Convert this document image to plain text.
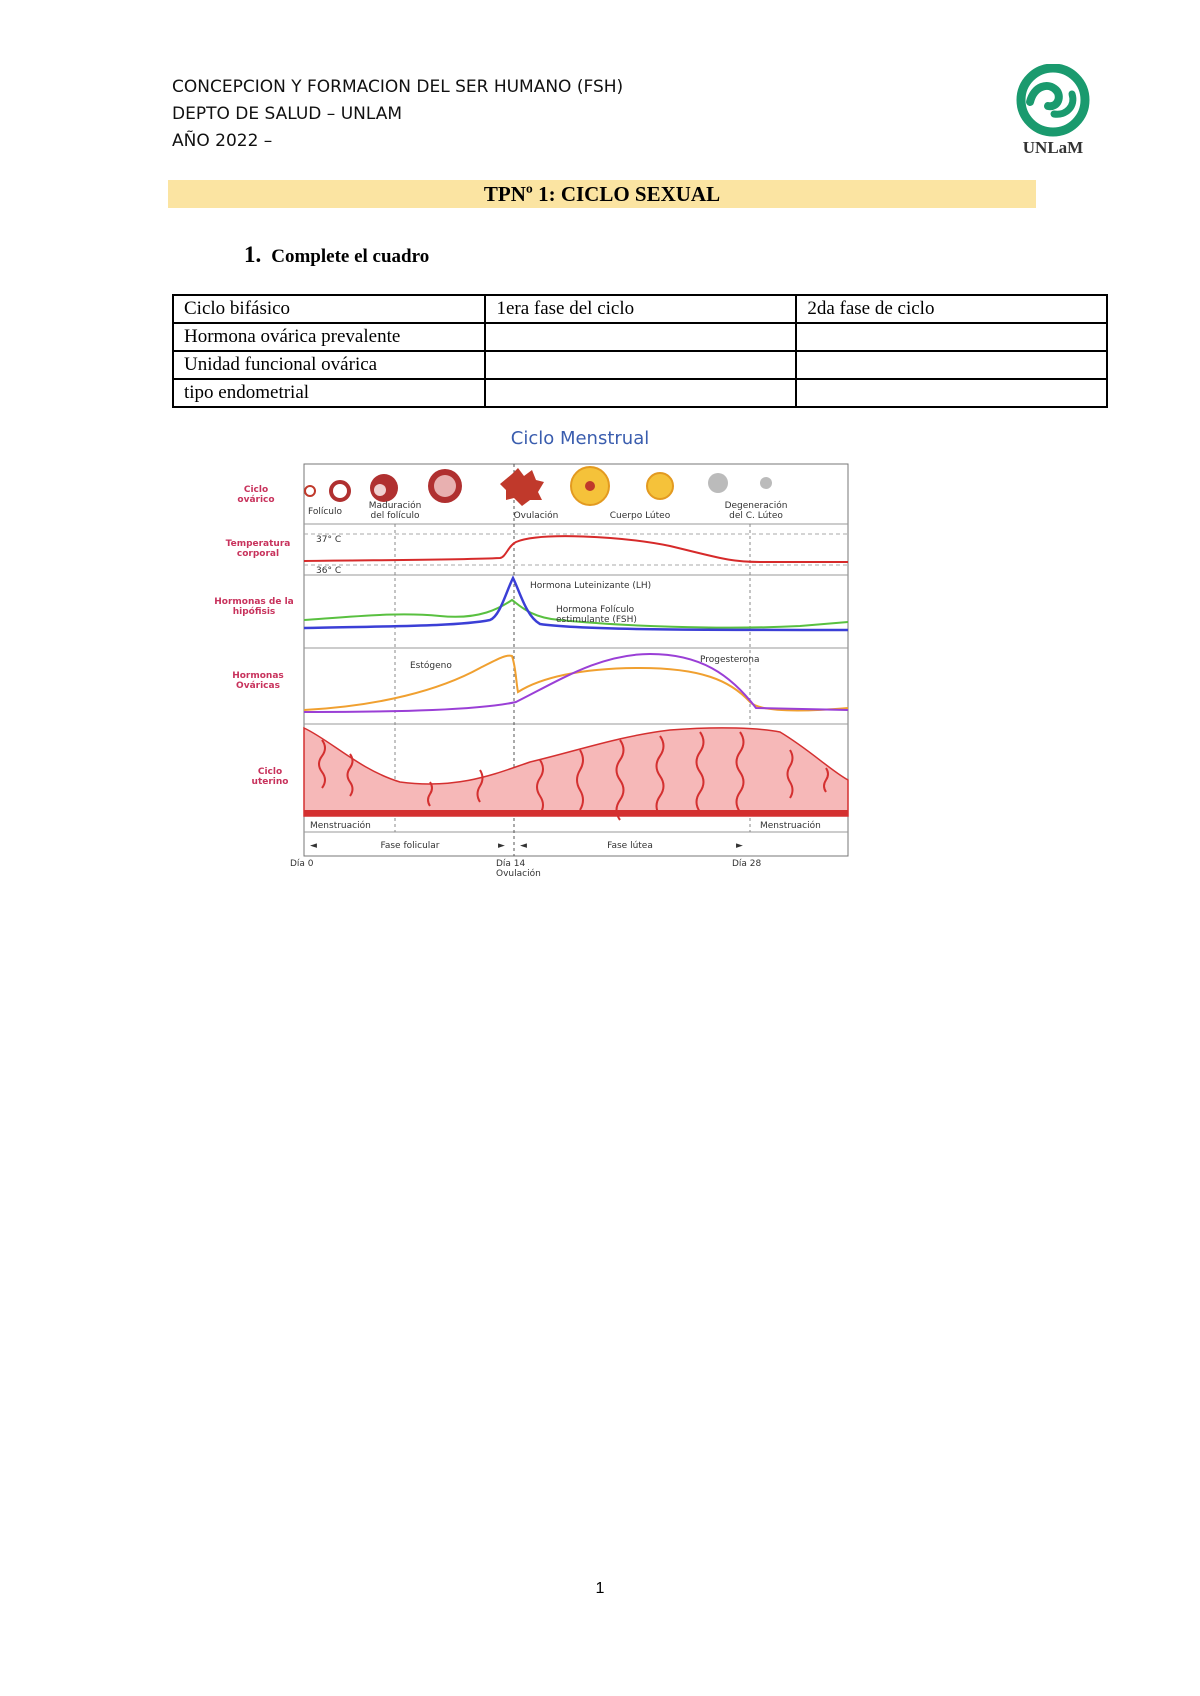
CONCEPCION Y FORMACION DEL SER HUMANO (FSH)
DEPTO DE SALUD – UNLAM
AÑO 2022 –	UNLaM
TPNº 1: CICLO SEXUAL
1. Complete el cuadro
Ciclo bifásico	1era fase del ciclo	2da fase de ciclo
Hormona ovárica prevalente		
Unidad funcional ovárica		
tipo endometrial		
Ciclo Menstrual
Ciclo
ovárico
Temperatura
corporal
Hormonas de la
hipófisis
Hormonas
Ováricas
Ciclo
uterino
Folículo
Maduración
del folículo	Ovulación	Cuerpo Lúteo
Degeneración
del C. Lúteo
37° C
36° C
Hormona Luteinizante (LH)
Hormona Folículo
estimulante (FSH)
Estógeno
Progesterona
Menstruación	Menstruación
◄	Fase folicular	► ◄	Fase lútea	►
Día 0	Día 14
Ovulación
Día 28
1
